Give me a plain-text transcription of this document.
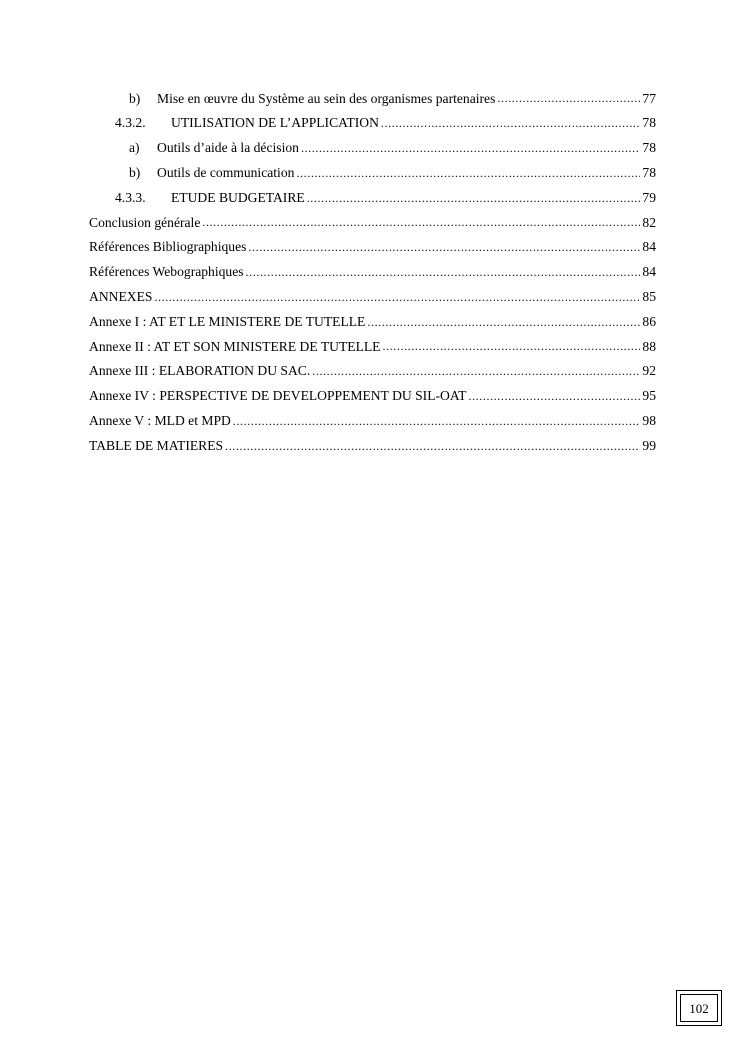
b)	Mise en œuvre du Système au sein des organismes partenaires .....	77
4.3.2.	UTILISATION DE L’APPLICATION .....	78
a)	Outils d’aide à la décision .....	78
b)	Outils de communication .....	78
4.3.3.	ETUDE BUDGETAIRE .....	79
Conclusion générale .....	82
Références Bibliographiques .....	84
Références Webographiques .....	84
ANNEXES .....	85
Annexe I : AT ET LE MINISTERE DE TUTELLE .....	86
Annexe II : AT ET SON MINISTERE DE TUTELLE .....	88
Annexe III : ELABORATION DU SAC. .....	92
Annexe IV : PERSPECTIVE DE DEVELOPPEMENT DU SIL-OAT .....	95
Annexe V : MLD et MPD .....	98
TABLE DE MATIERES .....	99
102
